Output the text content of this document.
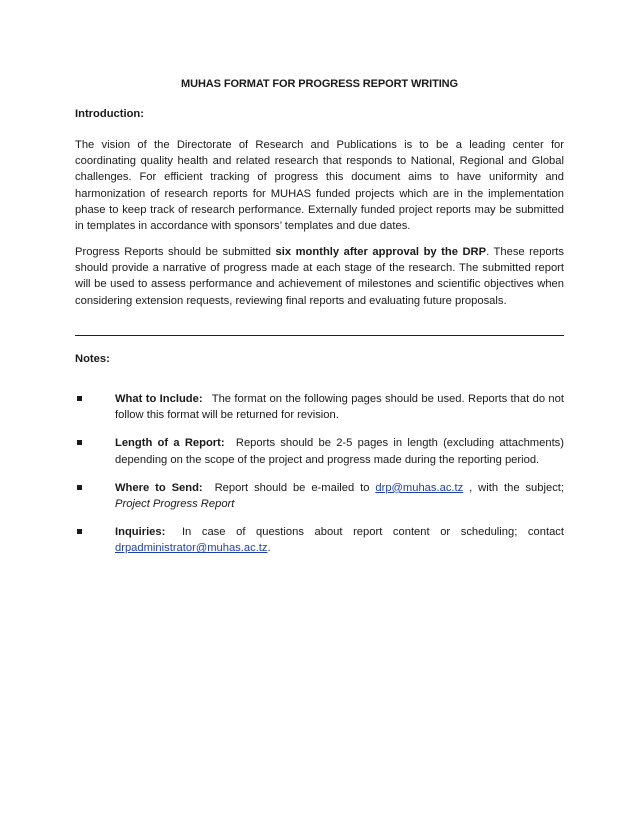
MUHAS FORMAT FOR PROGRESS REPORT WRITING
Introduction:

The vision of the Directorate of Research and Publications is to be a leading center for coordinating quality health and related research that responds to National, Regional and Global challenges. For efficient tracking of progress this document aims to have uniformity and harmonization of research reports for MUHAS funded projects which are in the implementation phase to keep track of research performance. Externally funded project reports may be submitted in templates in accordance with sponsors’ templates and due dates.

Progress Reports should be submitted six monthly after approval by the DRP. These reports should provide a narrative of progress made at each stage of the research. The submitted report will be used to assess performance and achievement of milestones and scientific objectives when considering extension requests, reviewing final reports and evaluating future proposals.

Notes:
What to Include: The format on the following pages should be used. Reports that do not follow this format will be returned for revision.
Length of a Report: Reports should be 2-5 pages in length (excluding attachments) depending on the scope of the project and progress made during the reporting period.
Where to Send: Report should be e-mailed to drp@muhas.ac.tz , with the subject; Project Progress Report
Inquiries: In case of questions about report content or scheduling; contact drpadministrator@muhas.ac.tz.
